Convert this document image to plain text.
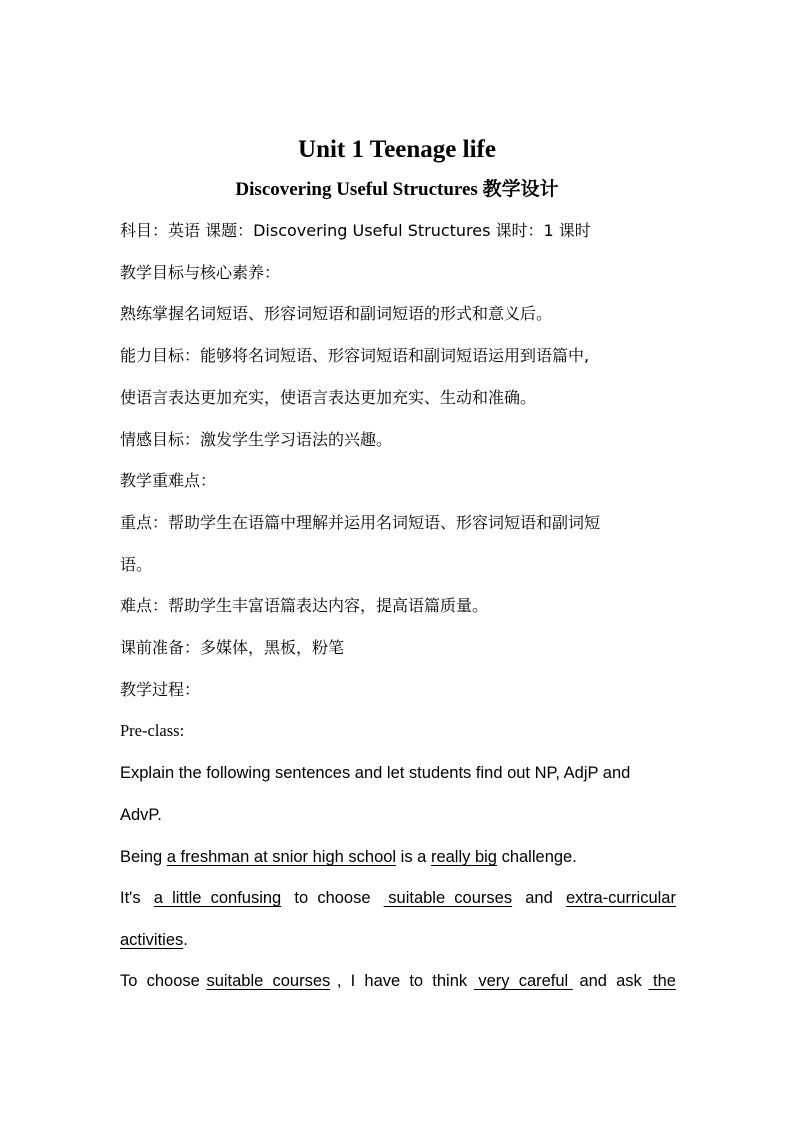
Unit 1 Teenage life
Discovering Useful Structures 教学设计
科目：英语 课题：Discovering Useful Structures 课时：1 课时
教学目标与核心素养：
熟练掌握名词短语、形容词短语和副词短语的形式和意义后。
能力目标：能够将名词短语、形容词短语和副词短语运用到语篇中,
使语言表达更加充实，使语言表达更加充实、生动和准确。
情感目标：激发学生学习语法的兴趣。
教学重难点：
重点：帮助学生在语篇中理解并运用名词短语、形容词短语和副词短
语。
难点：帮助学生丰富语篇表达内容，提高语篇质量。
课前准备：多媒体，黑板，粉笔
教学过程：
Pre-class:
Explain the following sentences and let students find out NP, AdjP and
AdvP.
Being a freshman at snior high school is a really big challenge.
It's a  little  confusing to  choose suitable  courses and extra-curricular
activities.
To  choose suitable  courses ,  I  have  to  think very  careful and  ask the
